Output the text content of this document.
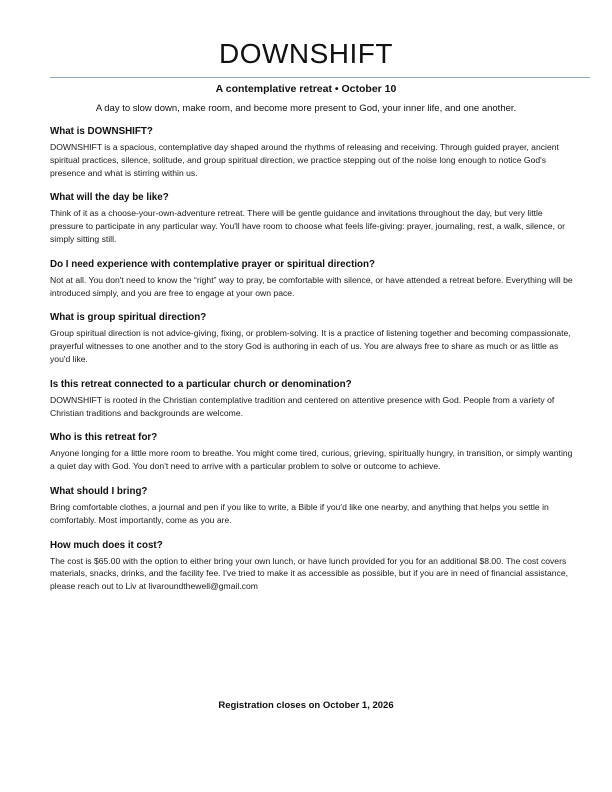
DOWNSHIFT
A contemplative retreat • October 10
A day to slow down, make room, and become more present to God, your inner life, and one another.
What is DOWNSHIFT?

DOWNSHIFT is a spacious, contemplative day shaped around the rhythms of releasing and receiving. Through guided prayer, ancient spiritual practices, silence, solitude, and group spiritual direction, we practice stepping out of the noise long enough to notice God's presence and what is stirring within us.

What will the day be like?

Think of it as a choose-your-own-adventure retreat. There will be gentle guidance and invitations throughout the day, but very little pressure to participate in any particular way. You'll have room to choose what feels life-giving: prayer, journaling, rest, a walk, silence, or simply sitting still.

Do I need experience with contemplative prayer or spiritual direction?

Not at all. You don't need to know the “right” way to pray, be comfortable with silence, or have attended a retreat before. Everything will be introduced simply, and you are free to engage at your own pace.

What is group spiritual direction?

Group spiritual direction is not advice-giving, fixing, or problem-solving. It is a practice of listening together and becoming compassionate, prayerful witnesses to one another and to the story God is authoring in each of us. You are always free to share as much or as little as you'd like.

Is this retreat connected to a particular church or denomination?

DOWNSHIFT is rooted in the Christian contemplative tradition and centered on attentive presence with God. People from a variety of Christian traditions and backgrounds are welcome.

Who is this retreat for?

Anyone longing for a little more room to breathe. You might come tired, curious, grieving, spiritually hungry, in transition, or simply wanting a quiet day with God. You don't need to arrive with a particular problem to solve or outcome to achieve.

What should I bring?

Bring comfortable clothes, a journal and pen if you like to write, a Bible if you'd like one nearby, and anything that helps you settle in comfortably. Most importantly, come as you are.

How much does it cost?

The cost is $65.00 with the option to either bring your own lunch, or have lunch provided for you for an additional $8.00. The cost covers materials, snacks, drinks, and the facility fee. I've tried to make it as accessible as possible, but if you are in need of financial assistance, please reach out to Liv at livaroundthewell@gmail.com

Registration closes on October 1, 2026
